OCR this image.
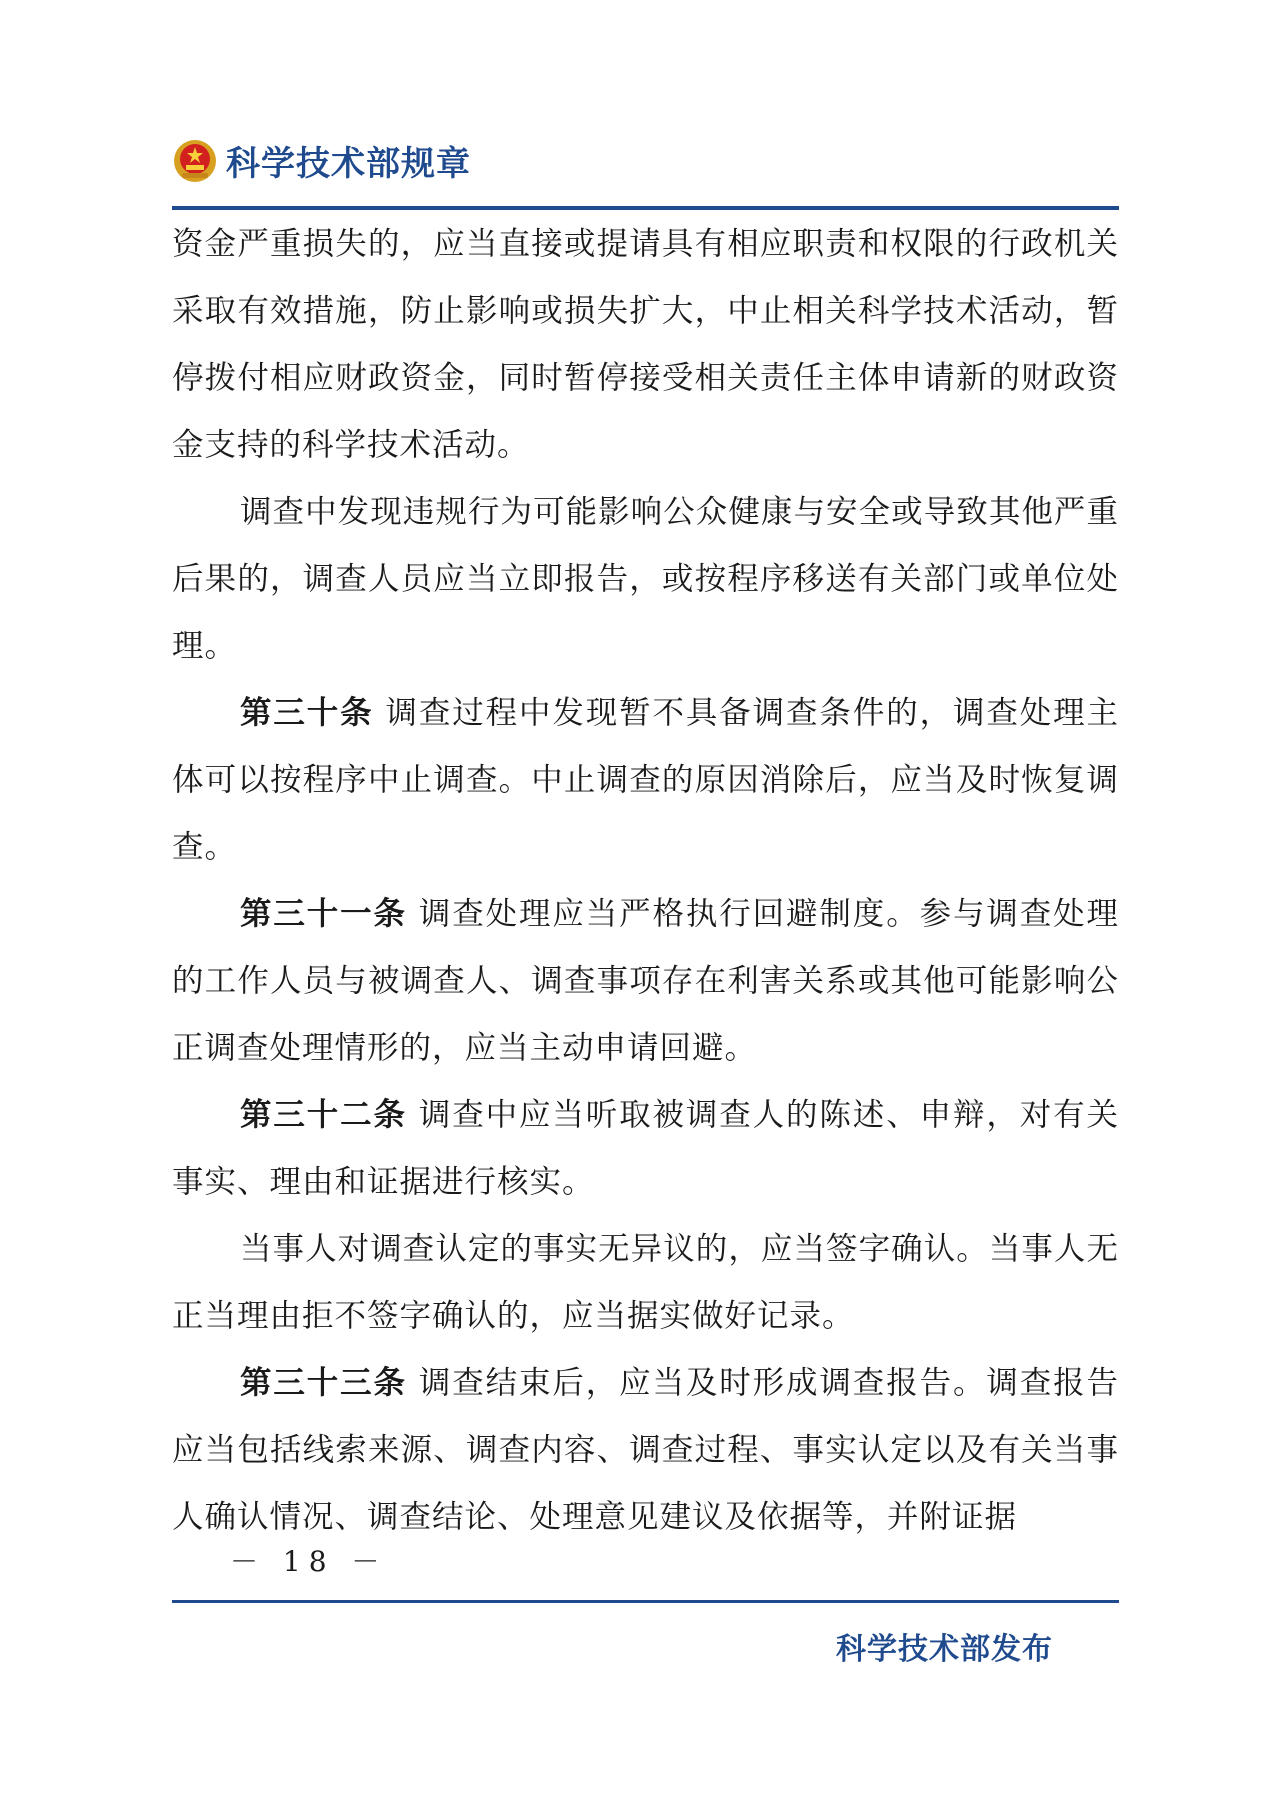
科学技术部规章

资金严重损失的，应当直接或提请具有相应职责和权限的行政机关采取有效措施，防止影响或损失扩大，中止相关科学技术活动，暂停拨付相应财政资金，同时暂停接受相关责任主体申请新的财政资金支持的科学技术活动。

调查中发现违规行为可能影响公众健康与安全或导致其他严重后果的，调查人员应当立即报告，或按程序移送有关部门或单位处理。

第三十条 调查过程中发现暂不具备调查条件的，调查处理主体可以按程序中止调查。中止调查的原因消除后，应当及时恢复调查。

第三十一条 调查处理应当严格执行回避制度。参与调查处理的工作人员与被调查人、调查事项存在利害关系或其他可能影响公正调查处理情形的，应当主动申请回避。

第三十二条 调查中应当听取被调查人的陈述、申辩，对有关事实、理由和证据进行核实。

当事人对调查认定的事实无异议的，应当签字确认。当事人无正当理由拒不签字确认的，应当据实做好记录。

第三十三条 调查结束后，应当及时形成调查报告。调查报告应当包括线索来源、调查内容、调查过程、事实认定以及有关当事人确认情况、调查结论、处理意见建议及依据等，并附证据

－ 18 －
科学技术部发布
